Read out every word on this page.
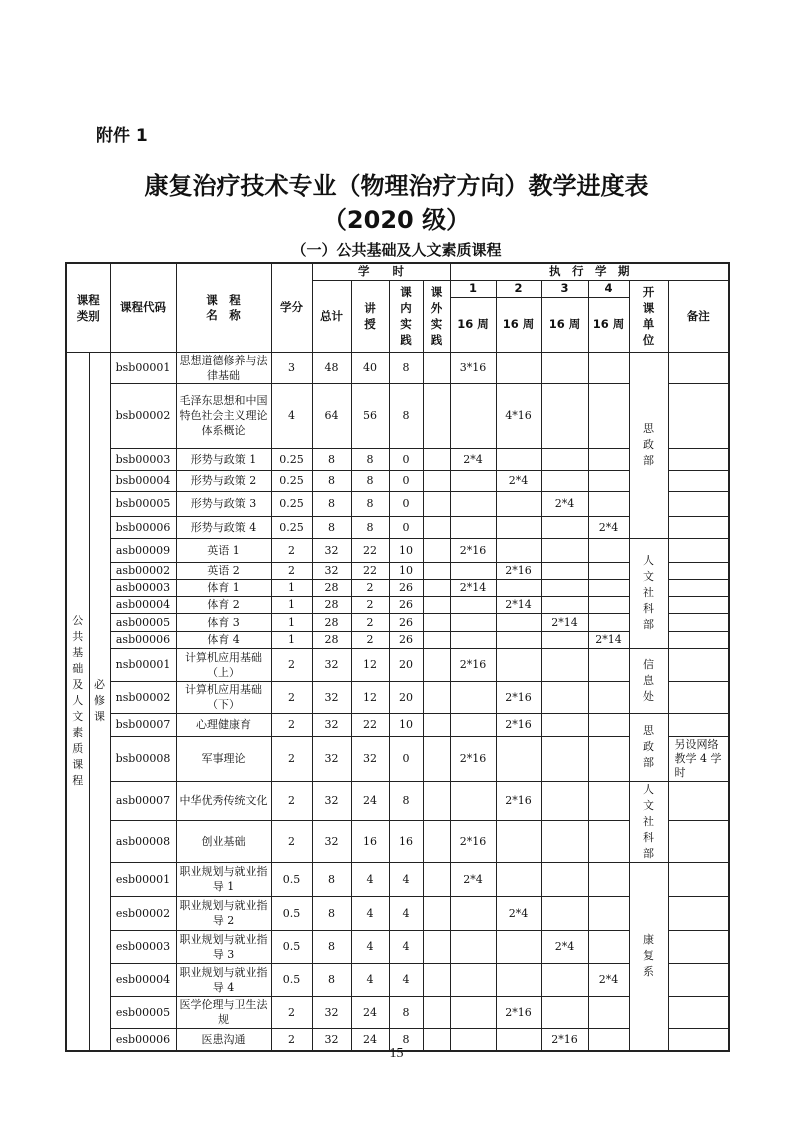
附件 1
康复治疗技术专业（物理治疗方向）教学进度表
（2020 级）
（一）公共基础及人文素质课程
课程类别		课程代码	课　程 名　称	学分	学　　时				执　行　学　期					
					总计	讲授	课内实践	课外实践	1	2	3	4	开课单位	备注
									16 周	16 周	16 周	16 周		
公共基础及人文素质课程	必修课	bsb00001	思想道德修养与法律基础	3	48	40	8		3*16				思政部	
		bsb00002	毛泽东思想和中国特色社会主义理论体系概论	4	64	56	8			4*16				
		bsb00003	形势与政策 1	0.25	8	8	0		2*4					
		bsb00004	形势与政策 2	0.25	8	8	0			2*4				
		bsb00005	形势与政策 3	0.25	8	8	0				2*4			
		bsb00006	形势与政策 4	0.25	8	8	0					2*4		
		asb00009	英语 1	2	32	22	10		2*16				人文社科部	
		asb00002	英语 2	2	32	22	10			2*16				
		asb00003	体育 1	1	28	2	26		2*14					
		asb00004	体育 2	1	28	2	26			2*14				
		asb00005	体育 3	1	28	2	26				2*14			
		asb00006	体育 4	1	28	2	26					2*14		
		nsb00001	计算机应用基础（上）	2	32	12	20		2*16				信息处	
		nsb00002	计算机应用基础（下）	2	32	12	20			2*16				
		bsb00007	心理健康育	2	32	22	10			2*16			思政部	
		bsb00008	军事理论	2	32	32	0		2*16					另设网络教学 4 学时
		asb00007	中华优秀传统文化	2	32	24	8			2*16			人文社科部	
		asb00008	创业基础	2	32	16	16		2*16					
		esb00001	职业规划与就业指导 1	0.5	8	4	4		2*4				康复系	
		esb00002	职业规划与就业指导 2	0.5	8	4	4			2*4				
		esb00003	职业规划与就业指导 3	0.5	8	4	4				2*4			
		esb00004	职业规划与就业指导 4	0.5	8	4	4					2*4		
		esb00005	医学伦理与卫生法规	2	32	24	8			2*16				
		esb00006	医患沟通	2	32	24	8				2*16			
15
